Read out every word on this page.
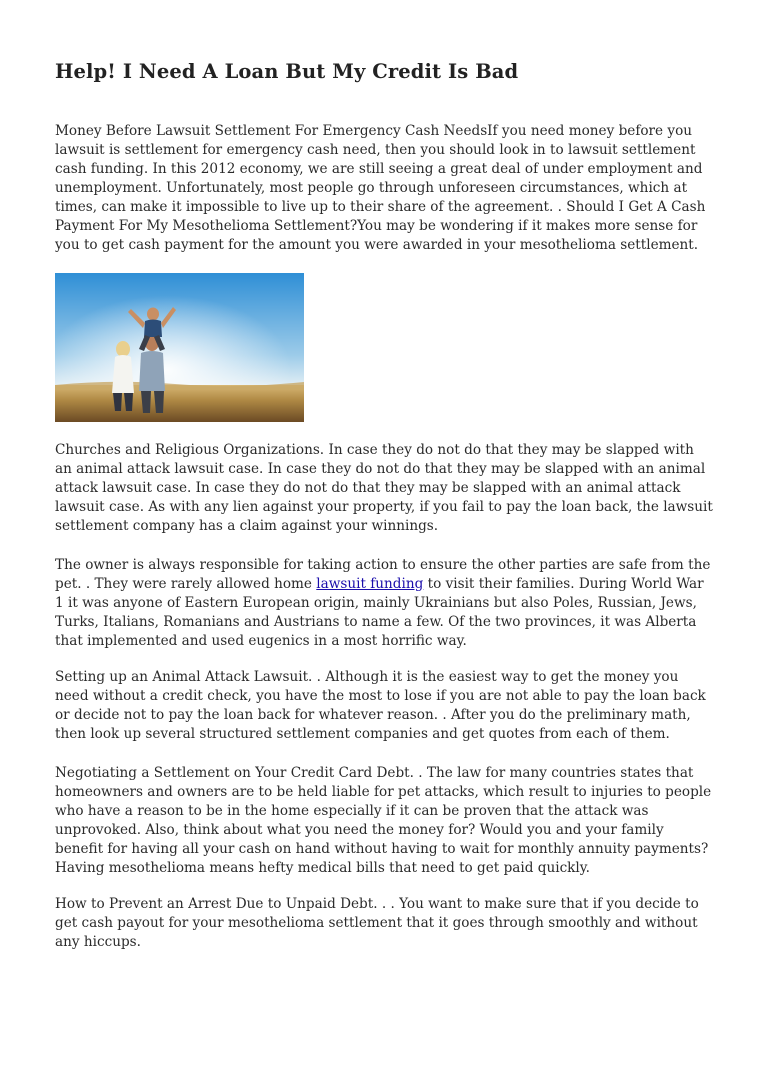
Help! I Need A Loan But My Credit Is Bad

Money Before Lawsuit Settlement For Emergency Cash NeedsIf you need money before you lawsuit is settlement for emergency cash need, then you should look in to lawsuit settlement cash funding. In this 2012 economy, we are still seeing a great deal of under employment and unemployment. Unfortunately, most people go through unforeseen circumstances, which at times, can make it impossible to live up to their share of the agreement. . Should I Get A Cash Payment For My Mesothelioma Settlement?You may be wondering if it makes more sense for you to get cash payment for the amount you were awarded in your mesothelioma settlement.

Churches and Religious Organizations. In case they do not do that they may be slapped with an animal attack lawsuit case. In case they do not do that they may be slapped with an animal attack lawsuit case. In case they do not do that they may be slapped with an animal attack lawsuit case. As with any lien against your property, if you fail to pay the loan back, the lawsuit settlement company has a claim against your winnings.

The owner is always responsible for taking action to ensure the other parties are safe from the pet. . They were rarely allowed home lawsuit funding to visit their families. During World War 1 it was anyone of Eastern European origin, mainly Ukrainians but also Poles, Russian, Jews, Turks, Italians, Romanians and Austrians to name a few. Of the two provinces, it was Alberta that implemented and used eugenics in a most horrific way.

Setting up an Animal Attack Lawsuit. . Although it is the easiest way to get the money you need without a credit check, you have the most to lose if you are not able to pay the loan back or decide not to pay the loan back for whatever reason. . After you do the preliminary math, then look up several structured settlement companies and get quotes from each of them.

Negotiating a Settlement on Your Credit Card Debt. . The law for many countries states that homeowners and owners are to be held liable for pet attacks, which result to injuries to people who have a reason to be in the home especially if it can be proven that the attack was unprovoked. Also, think about what you need the money for? Would you and your family benefit for having all your cash on hand without having to wait for monthly annuity payments? Having mesothelioma means hefty medical bills that need to get paid quickly.

How to Prevent an Arrest Due to Unpaid Debt. . . You want to make sure that if you decide to get cash payout for your mesothelioma settlement that it goes through smoothly and without any hiccups.
